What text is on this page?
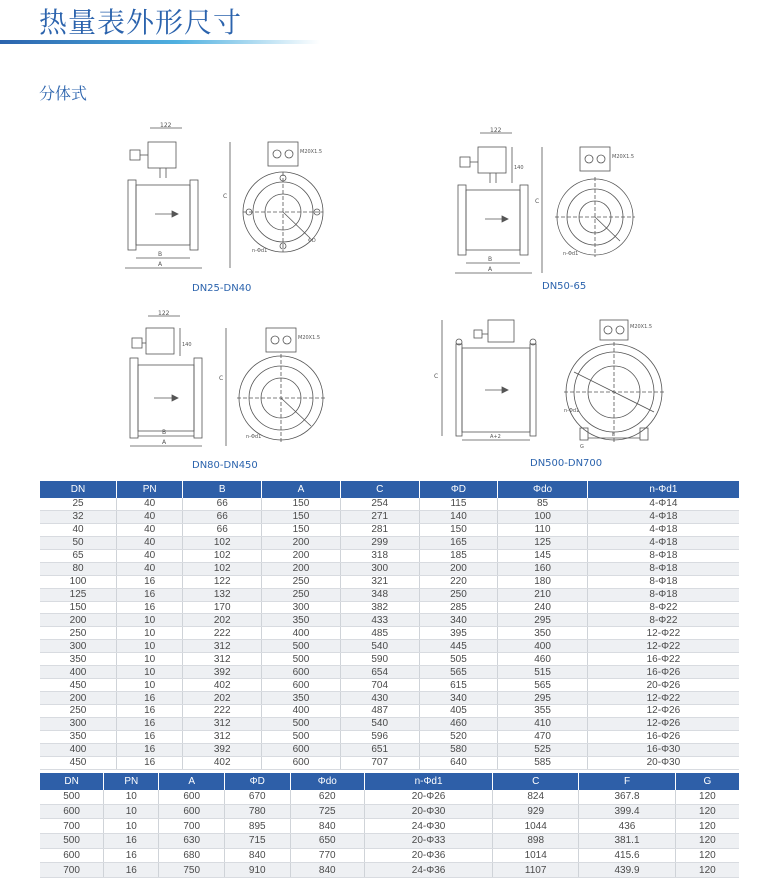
热量表外形尺寸
分体式
122
B
A
C
M20X1.5
n-Φd1
ΦD
DN25-DN40
122
140
B
A
C
M20X1.5
n-Φd1
DN50-65
122
140
B
A
C
M20X1.5
n-Φd1
DN80-DN450
A+2
C
M20X1.5
F
G
n-Φd1
DN500-DN700
DN	PN	B	A	C	ΦD	Φdo	n-Φd1
25	40	66	150	254	115	85	4-Φ14
32	40	66	150	271	140	100	4-Φ18
40	40	66	150	281	150	110	4-Φ18
50	40	102	200	299	165	125	4-Φ18
65	40	102	200	318	185	145	8-Φ18
80	40	102	200	300	200	160	8-Φ18
100	16	122	250	321	220	180	8-Φ18
125	16	132	250	348	250	210	8-Φ18
150	16	170	300	382	285	240	8-Φ22
200	10	202	350	433	340	295	8-Φ22
250	10	222	400	485	395	350	12-Φ22
300	10	312	500	540	445	400	12-Φ22
350	10	312	500	590	505	460	16-Φ22
400	10	392	600	654	565	515	16-Φ26
450	10	402	600	704	615	565	20-Φ26
200	16	202	350	430	340	295	12-Φ22
250	16	222	400	487	405	355	12-Φ26
300	16	312	500	540	460	410	12-Φ26
350	16	312	500	596	520	470	16-Φ26
400	16	392	600	651	580	525	16-Φ30
450	16	402	600	707	640	585	20-Φ30
DN	PN	A	ΦD	Φdo	n-Φd1	C	F	G
500	10	600	670	620	20-Φ26	824	367.8	120
600	10	600	780	725	20-Φ30	929	399.4	120
700	10	700	895	840	24-Φ30	1044	436	120
500	16	630	715	650	20-Φ33	898	381.1	120
600	16	680	840	770	20-Φ36	1014	415.6	120
700	16	750	910	840	24-Φ36	1107	439.9	120
